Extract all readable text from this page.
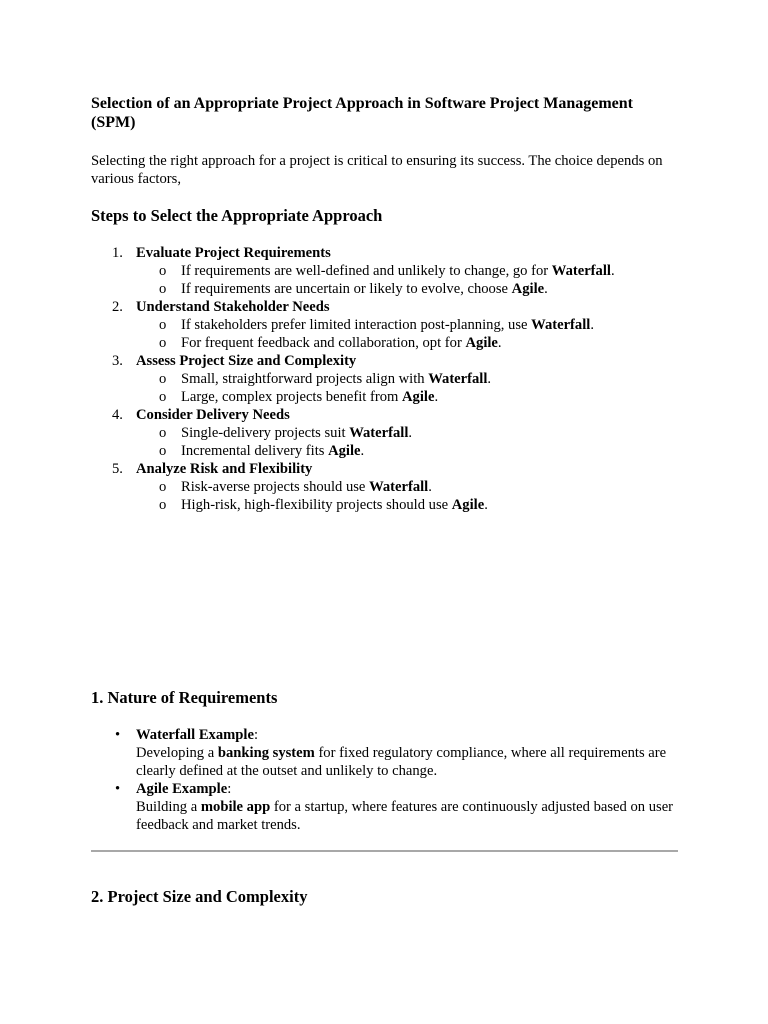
Selection of an Appropriate Project Approach in Software Project Management (SPM)

Selecting the right approach for a project is critical to ensuring its success. The choice depends on various factors,

Steps to Select the Appropriate Approach
1. Evaluate Project Requirements
o If requirements are well-defined and unlikely to change, go for Waterfall.
o If requirements are uncertain or likely to evolve, choose Agile.
2. Understand Stakeholder Needs
o If stakeholders prefer limited interaction post-planning, use Waterfall.
o For frequent feedback and collaboration, opt for Agile.
3. Assess Project Size and Complexity
o Small, straightforward projects align with Waterfall.
o Large, complex projects benefit from Agile.
4. Consider Delivery Needs
o Single-delivery projects suit Waterfall.
o Incremental delivery fits Agile.
5. Analyze Risk and Flexibility
o Risk-averse projects should use Waterfall.
o High-risk, high-flexibility projects should use Agile.
1. Nature of Requirements
• Waterfall Example:
Developing a banking system for fixed regulatory compliance, where all requirements are clearly defined at the outset and unlikely to change.
• Agile Example:
Building a mobile app for a startup, where features are continuously adjusted based on user feedback and market trends.
2. Project Size and Complexity
